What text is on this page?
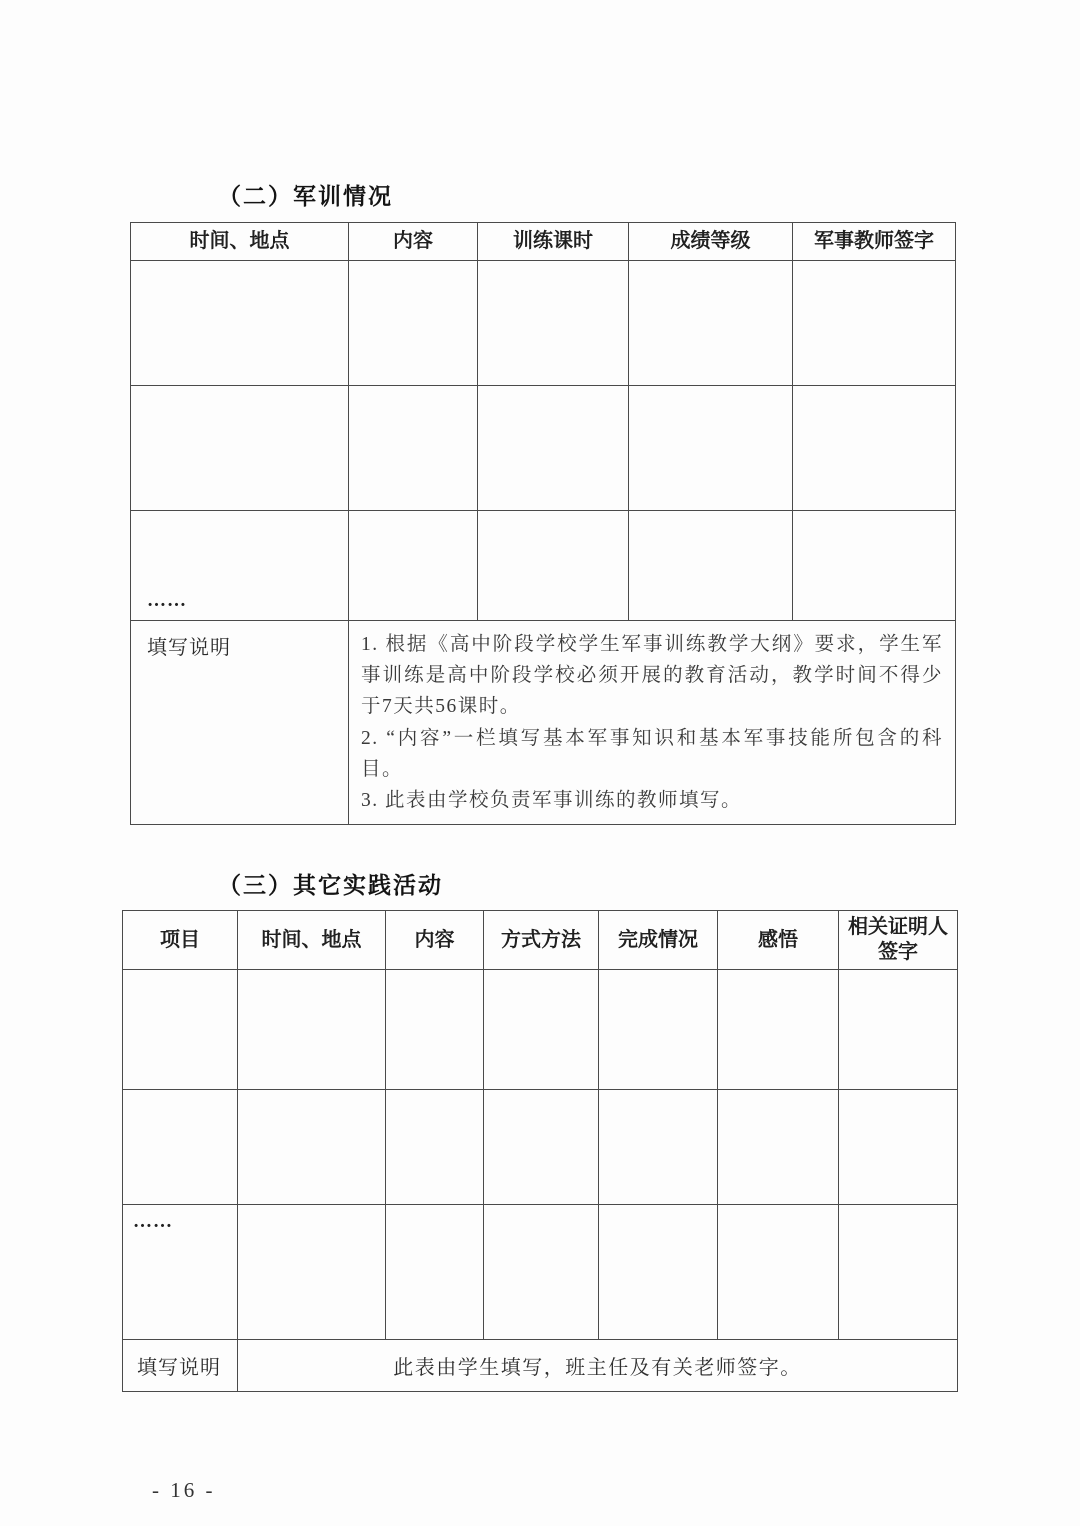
（二）军训情况
时间、地点	内容	训练课时	成绩等级	军事教师签字

……				
填写说明	1. 根据《高中阶段学校学生军事训练教学大纲》要求，学生军事训练是高中阶段学校必须开展的教育活动，教学时间不得少于7天共56课时。

2. “内容”一栏填写基本军事知识和基本军事技能所包含的科目。

3. 此表由学校负责军事训练的教师填写。			

（三）其它实践活动
项目	时间、地点	内容	方式方法	完成情况	感悟	相关证明人签字

……						
填写说明	此表由学生填写，班主任及有关老师签字。					
- 16 -
